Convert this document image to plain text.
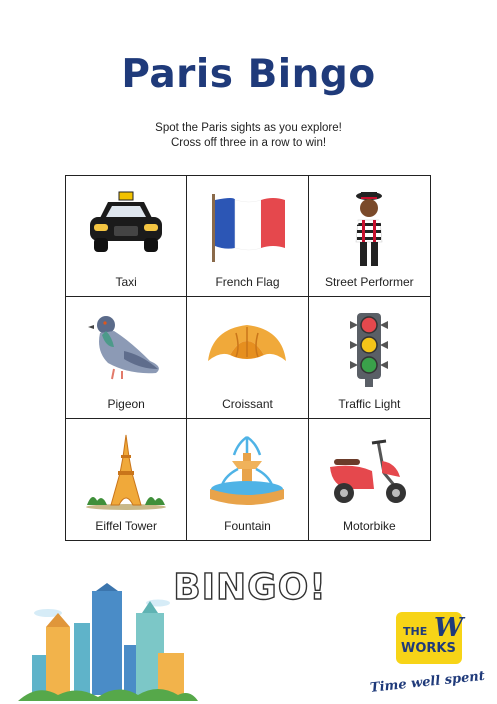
Paris Bingo
Spot the Paris sights as you explore!
Cross off three in a row to win!
Taxi	French Flag	Street Performer
Pigeon	Croissant	Traffic Light
Eiffel Tower	Fountain	Motorbike
BINGO!
THE
WORKS
W
Time well spent
